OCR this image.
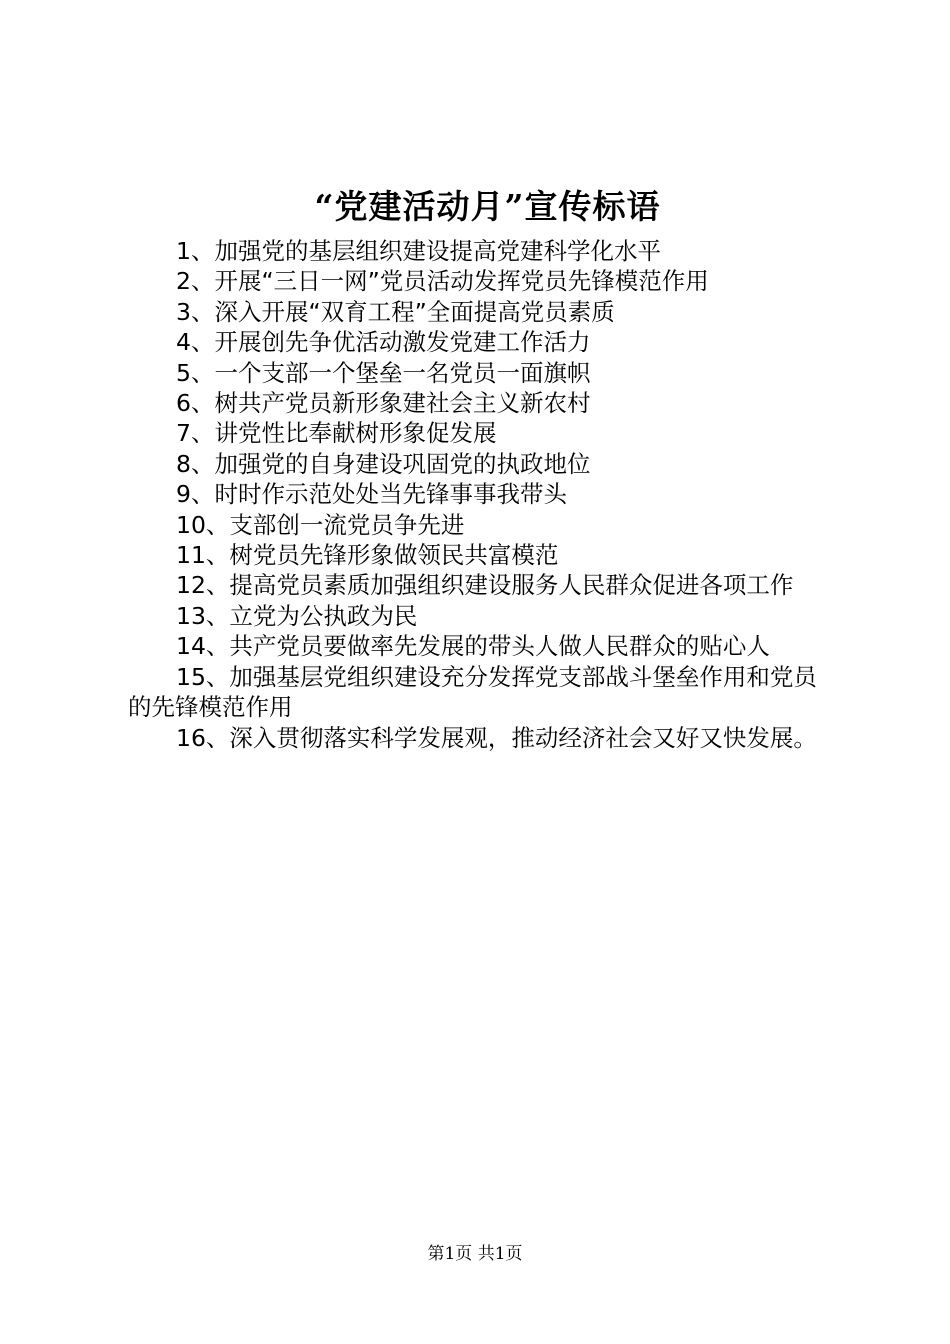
“党建活动月”宣传标语

1、加强党的基层组织建设提高党建科学化水平

2、开展“三日一网”党员活动发挥党员先锋模范作用

3、深入开展“双育工程”全面提高党员素质

4、开展创先争优活动激发党建工作活力

5、一个支部一个堡垒一名党员一面旗帜

6、树共产党员新形象建社会主义新农村

7、讲党性比奉献树形象促发展

8、加强党的自身建设巩固党的执政地位

9、时时作示范处处当先锋事事我带头

10、支部创一流党员争先进

11、树党员先锋形象做领民共富模范

12、提高党员素质加强组织建设服务人民群众促进各项工作

13、立党为公执政为民

14、共产党员要做率先发展的带头人做人民群众的贴心人

15、加强基层党组织建设充分发挥党支部战斗堡垒作用和党员的先锋模范作用

16、深入贯彻落实科学发展观，推动经济社会又好又快发展。

第1页 共1页
